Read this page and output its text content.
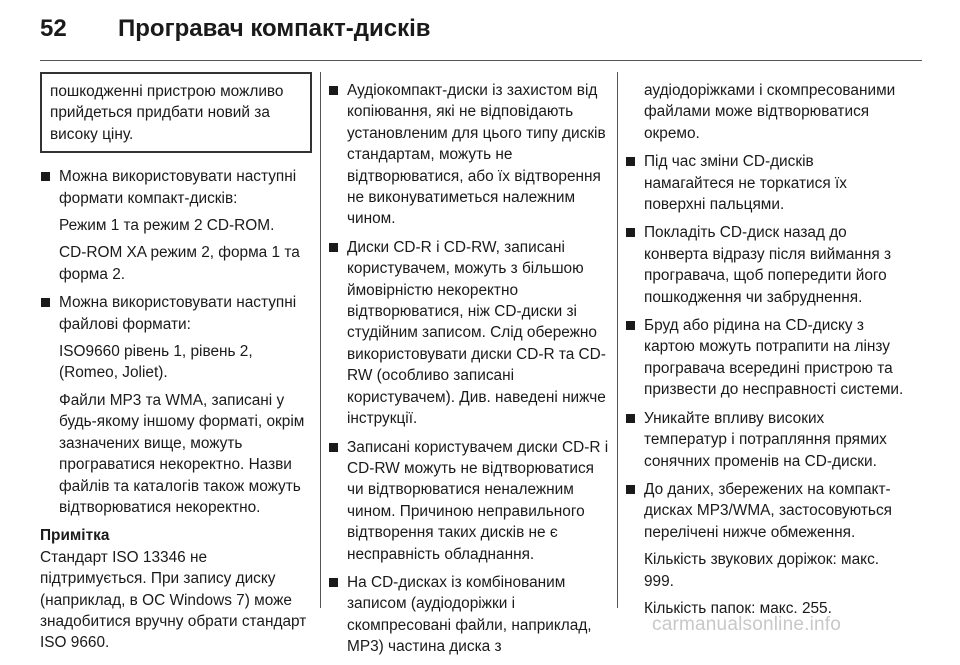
52 Програвач компакт-дисків
пошкодженні пристрою можливо прийдеться придбати новий за високу ціну.
Можна використовувати наступні формати компакт-дисків:
Режим 1 та режим 2 CD-ROM.
CD-ROM XA режим 2, форма 1 та форма 2.
Можна використовувати наступні файлові формати:
ISO9660 рівень 1, рівень 2, (Romeo, Joliet).
Файли MP3 та WMA, записані у будь-якому іншому форматі, окрім зазначених вище, можуть програватися некоректно. Назви файлів та каталогів також можуть відтворюватися некоректно.
Примітка
Стандарт ISO 13346 не підтримується. При запису диску (наприклад, в ОС Windows 7) може знадобитися вручну обрати стандарт ISO 9660.
Аудіокомпакт-диски із захистом від копіювання, які не відповідають установленим для цього типу дисків стандартам, можуть не відтворюватися, або їх відтворення не виконуватиметься належним чином.
Диски CD-R і CD-RW, записані користувачем, можуть з більшою ймовірністю некоректно відтворюватися, ніж CD-диски зі студійним записом. Слід обережно використовувати диски CD-R та CD-RW (особливо записані користувачем). Див. наведені нижче інструкції.
Записані користувачем диски CD-R і CD-RW можуть не відтворюватися чи відтворюватися неналежним чином. Причиною неправильного відтворення таких дисків не є несправність обладнання.
На CD-дисках із комбінованим записом (аудіодоріжки і скомпресовані файли, наприклад, MP3) частина диска з
аудіодоріжками і скомпресованими файлами може відтворюватися окремо.
Під час зміни CD-дисків намагайтеся не торкатися їх поверхні пальцями.
Покладіть CD-диск назад до конверта відразу після виймання з програвача, щоб попередити його пошкодження чи забруднення.
Бруд або рідина на CD-диску з картою можуть потрапити на лінзу програвача всередині пристрою та призвести до несправності системи.
Уникайте впливу високих температур і потрапляння прямих сонячних променів на CD-диски.
До даних, збережених на компакт-дисках MP3/WMA, застосовуються перелічені нижче обмеження.
Кількість звукових доріжок: макс. 999.
Кількість папок: макс. 255.
carmanualsonline.info
